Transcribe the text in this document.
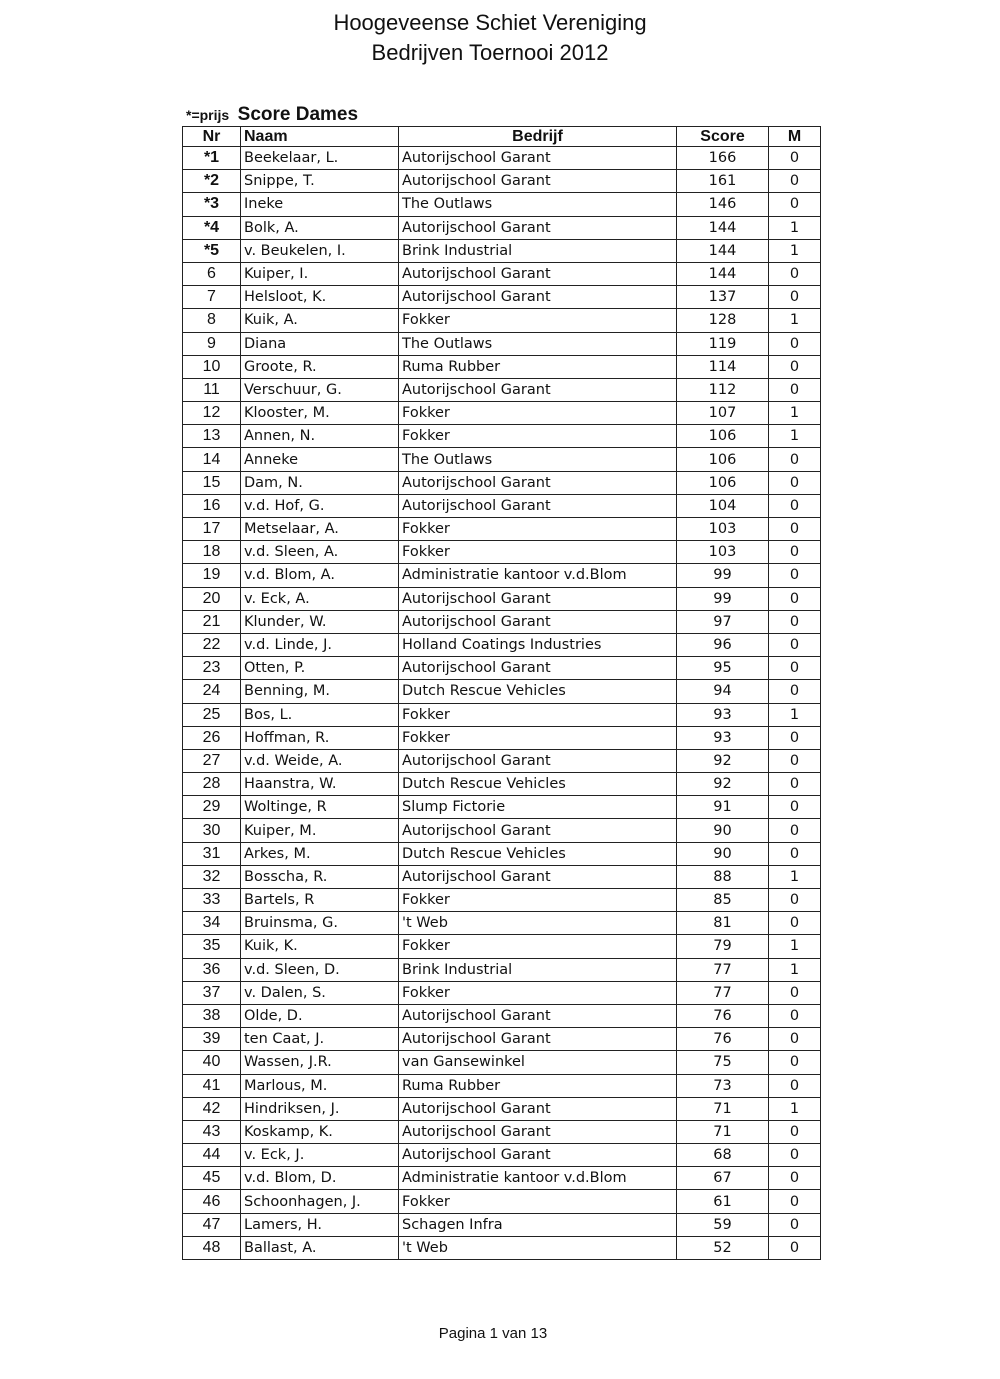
Hoogeveense Schiet Vereniging
Bedrijven Toernooi 2012
*=prijs Score Dames
Nr	Naam	Bedrijf	Score	M
*1	Beekelaar, L.	Autorijschool Garant	166	0
*2	Snippe, T.	Autorijschool Garant	161	0
*3	Ineke	The Outlaws	146	0
*4	Bolk, A.	Autorijschool Garant	144	1
*5	v. Beukelen, I.	Brink Industrial	144	1
6	Kuiper, I.	Autorijschool Garant	144	0
7	Helsloot, K.	Autorijschool Garant	137	0
8	Kuik, A.	Fokker	128	1
9	Diana	The Outlaws	119	0
10	Groote, R.	Ruma Rubber	114	0
11	Verschuur, G.	Autorijschool Garant	112	0
12	Klooster, M.	Fokker	107	1
13	Annen, N.	Fokker	106	1
14	Anneke	The Outlaws	106	0
15	Dam, N.	Autorijschool Garant	106	0
16	v.d. Hof, G.	Autorijschool Garant	104	0
17	Metselaar, A.	Fokker	103	0
18	v.d. Sleen, A.	Fokker	103	0
19	v.d. Blom, A.	Administratie kantoor v.d.Blom	99	0
20	v. Eck, A.	Autorijschool Garant	99	0
21	Klunder, W.	Autorijschool Garant	97	0
22	v.d. Linde, J.	Holland Coatings Industries	96	0
23	Otten, P.	Autorijschool Garant	95	0
24	Benning, M.	Dutch Rescue Vehicles	94	0
25	Bos, L.	Fokker	93	1
26	Hoffman, R.	Fokker	93	0
27	v.d. Weide, A.	Autorijschool Garant	92	0
28	Haanstra, W.	Dutch Rescue Vehicles	92	0
29	Woltinge, R	Slump Fictorie	91	0
30	Kuiper, M.	Autorijschool Garant	90	0
31	Arkes, M.	Dutch Rescue Vehicles	90	0
32	Bosscha, R.	Autorijschool Garant	88	1
33	Bartels, R	Fokker	85	0
34	Bruinsma, G.	't Web	81	0
35	Kuik, K.	Fokker	79	1
36	v.d. Sleen, D.	Brink Industrial	77	1
37	v. Dalen, S.	Fokker	77	0
38	Olde, D.	Autorijschool Garant	76	0
39	ten Caat, J.	Autorijschool Garant	76	0
40	Wassen, J.R.	van Gansewinkel	75	0
41	Marlous, M.	Ruma Rubber	73	0
42	Hindriksen, J.	Autorijschool Garant	71	1
43	Koskamp, K.	Autorijschool Garant	71	0
44	v. Eck, J.	Autorijschool Garant	68	0
45	v.d. Blom, D.	Administratie kantoor v.d.Blom	67	0
46	Schoonhagen, J.	Fokker	61	0
47	Lamers, H.	Schagen Infra	59	0
48	Ballast, A.	't Web	52	0
Pagina 1 van 13
